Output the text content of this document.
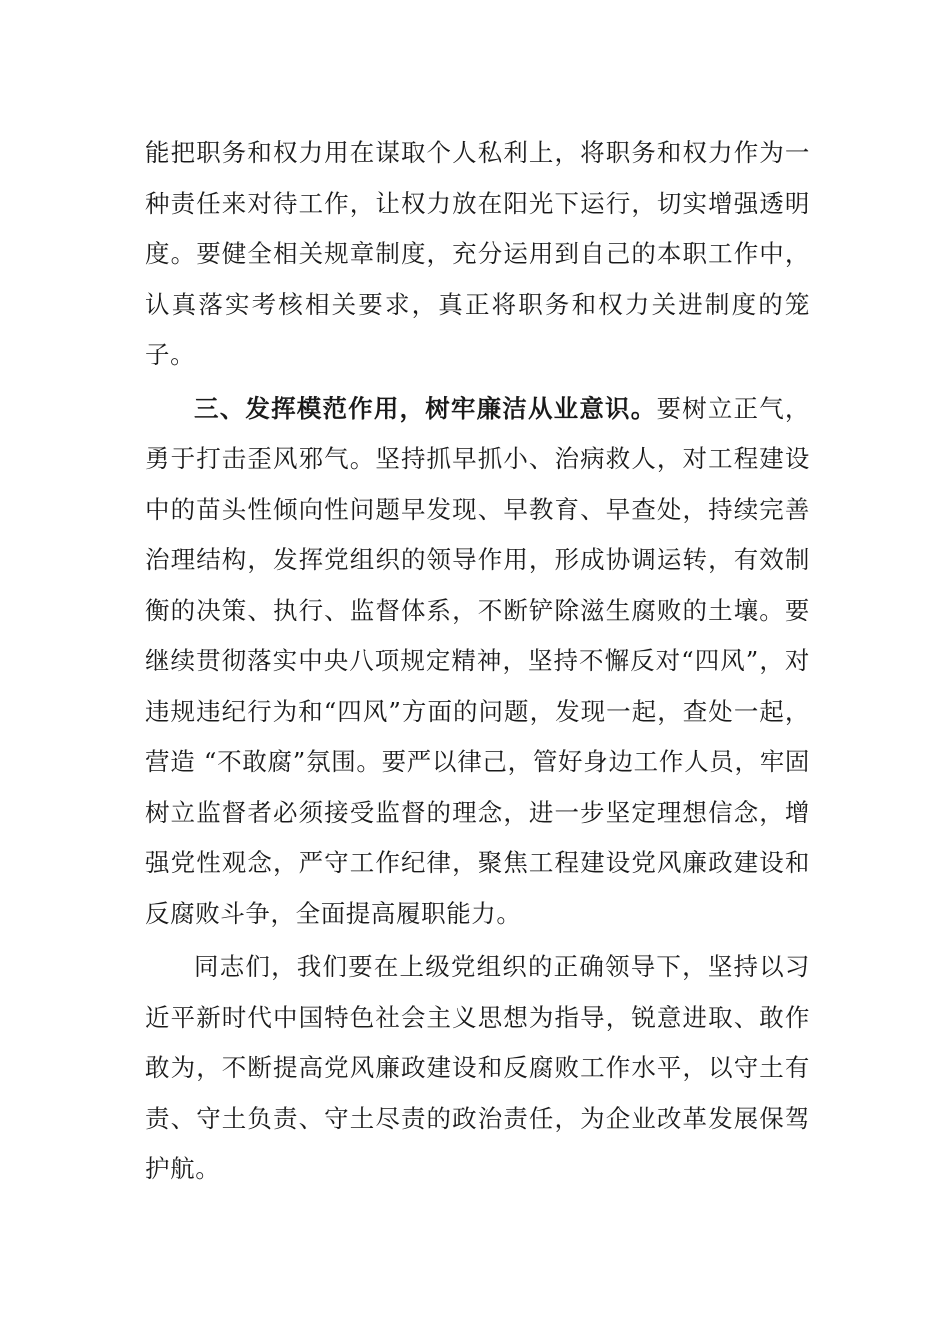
能把职务和权力用在谋取个人私利上，将职务和权力作为一种责任来对待工作，让权力放在阳光下运行，切实增强透明度。要健全相关规章制度，充分运用到自己的本职工作中，认真落实考核相关要求，真正将职务和权力关进制度的笼子。

三、发挥模范作用，树牢廉洁从业意识。要树立正气，勇于打击歪风邪气。坚持抓早抓小、治病救人，对工程建设中的苗头性倾向性问题早发现、早教育、早查处，持续完善治理结构，发挥党组织的领导作用，形成协调运转，有效制衡的决策、执行、监督体系，不断铲除滋生腐败的土壤。要继续贯彻落实中央八项规定精神，坚持不懈反对“四风”，对违规违纪行为和“四风”方面的问题，发现一起，查处一起，营造 “不敢腐”氛围。要严以律己，管好身边工作人员，牢固树立监督者必须接受监督的理念，进一步坚定理想信念，增强党性观念，严守工作纪律，聚焦工程建设党风廉政建设和反腐败斗争，全面提高履职能力。

同志们，我们要在上级党组织的正确领导下，坚持以习近平新时代中国特色社会主义思想为指导，锐意进取、敢作敢为，不断提高党风廉政建设和反腐败工作水平，以守土有责、守土负责、守土尽责的政治责任，为企业改革发展保驾护航。
